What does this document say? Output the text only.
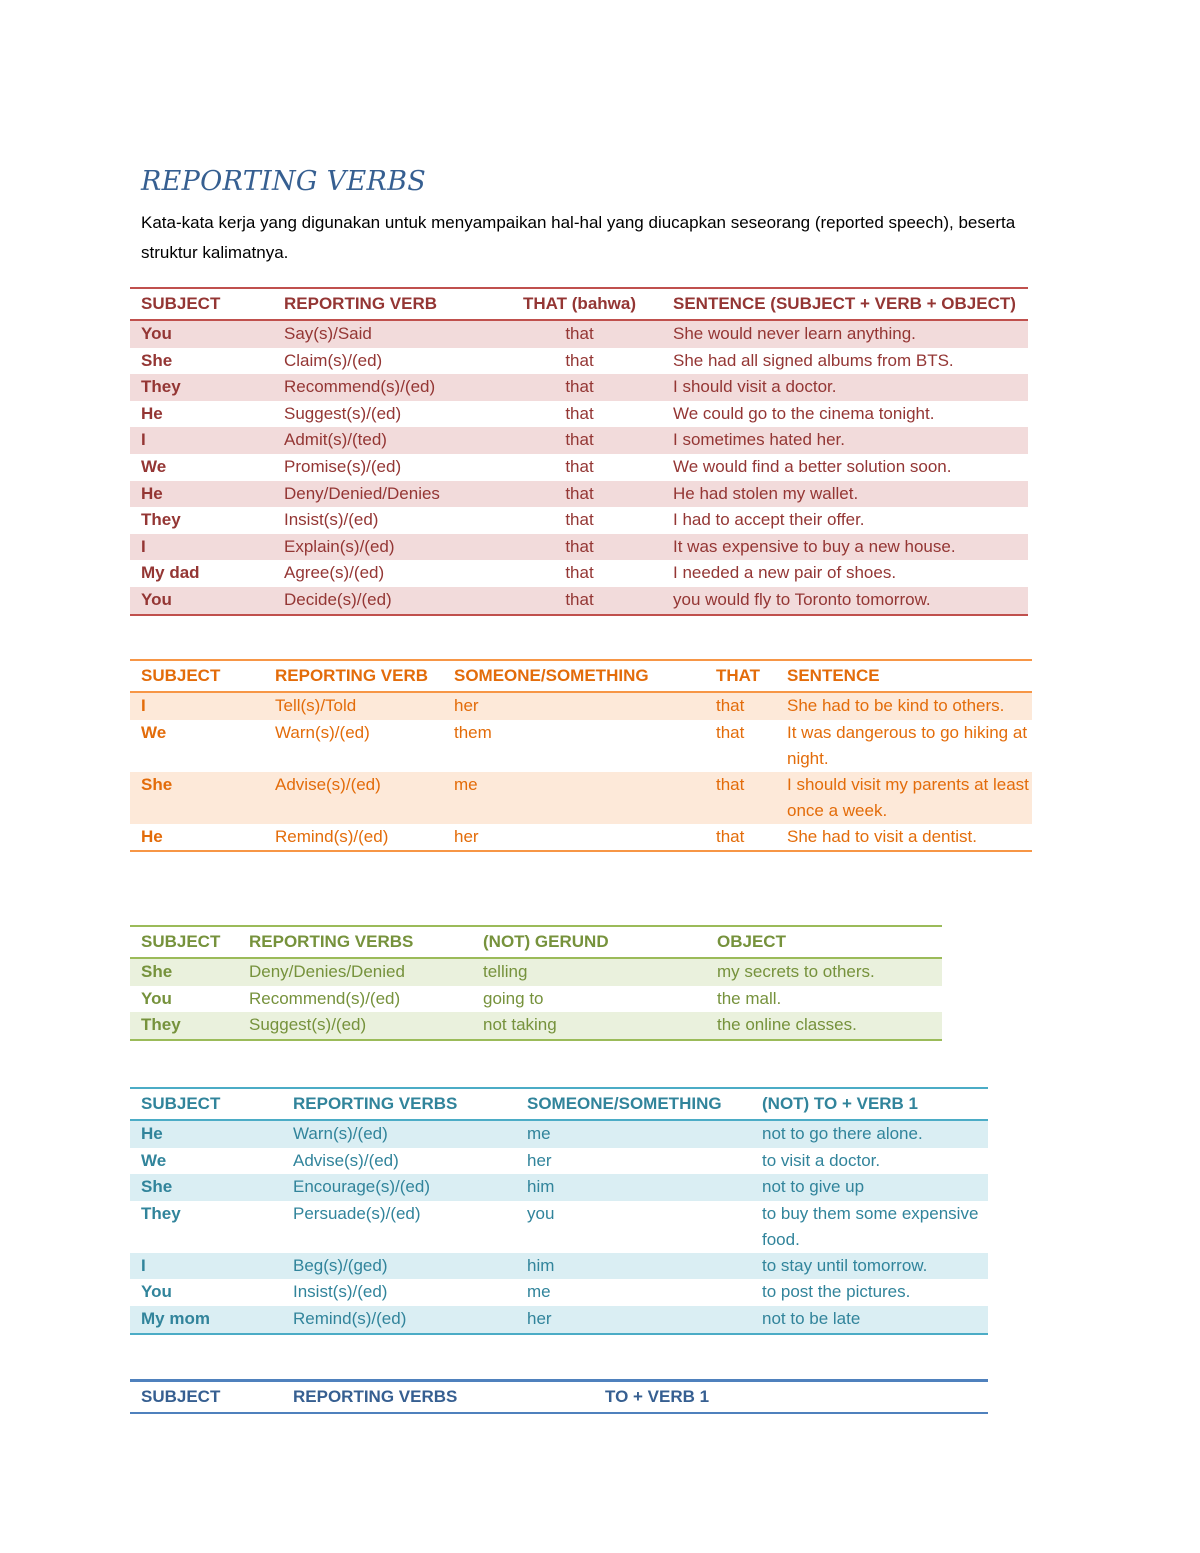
REPORTING VERBS
Kata-kata kerja yang digunakan untuk menyampaikan hal-hal yang diucapkan seseorang (reported speech), beserta struktur kalimatnya.
SUBJECT	REPORTING VERB	THAT (bahwa)	SENTENCE (SUBJECT + VERB + OBJECT)
You	Say(s)/Said	that	She would never learn anything.
She	Claim(s)/(ed)	that	She had all signed albums from BTS.
They	Recommend(s)/(ed)	that	I should visit a doctor.
He	Suggest(s)/(ed)	that	We could go to the cinema tonight.
I	Admit(s)/(ted)	that	I sometimes hated her.
We	Promise(s)/(ed)	that	We would find a better solution soon.
He	Deny/Denied/Denies	that	He had stolen my wallet.
They	Insist(s)/(ed)	that	I had to accept their offer.
I	Explain(s)/(ed)	that	It was expensive to buy a new house.
My dad	Agree(s)/(ed)	that	I needed a new pair of shoes.
You	Decide(s)/(ed)	that	you would fly to Toronto tomorrow.
SUBJECT	REPORTING VERB	SOMEONE/SOMETHING	THAT	SENTENCE
I	Tell(s)/Told	her	that	She had to be kind to others.
We	Warn(s)/(ed)	them	that	It was dangerous to go hiking at night.
She	Advise(s)/(ed)	me	that	I should visit my parents at least once a week.
He	Remind(s)/(ed)	her	that	She had to visit a dentist.
SUBJECT	REPORTING VERBS	(NOT) GERUND	OBJECT
She	Deny/Denies/Denied	telling	my secrets to others.
You	Recommend(s)/(ed)	going to	the mall.
They	Suggest(s)/(ed)	not taking	the online classes.
SUBJECT	REPORTING VERBS	SOMEONE/SOMETHING	(NOT) TO + VERB 1
He	Warn(s)/(ed)	me	not to go there alone.
We	Advise(s)/(ed)	her	to visit a doctor.
She	Encourage(s)/(ed)	him	not to give up
They	Persuade(s)/(ed)	you	to buy them some expensive food.
I	Beg(s)/(ged)	him	to stay until tomorrow.
You	Insist(s)/(ed)	me	to post the pictures.
My mom	Remind(s)/(ed)	her	not to be late
SUBJECT	REPORTING VERBS	TO + VERB 1
